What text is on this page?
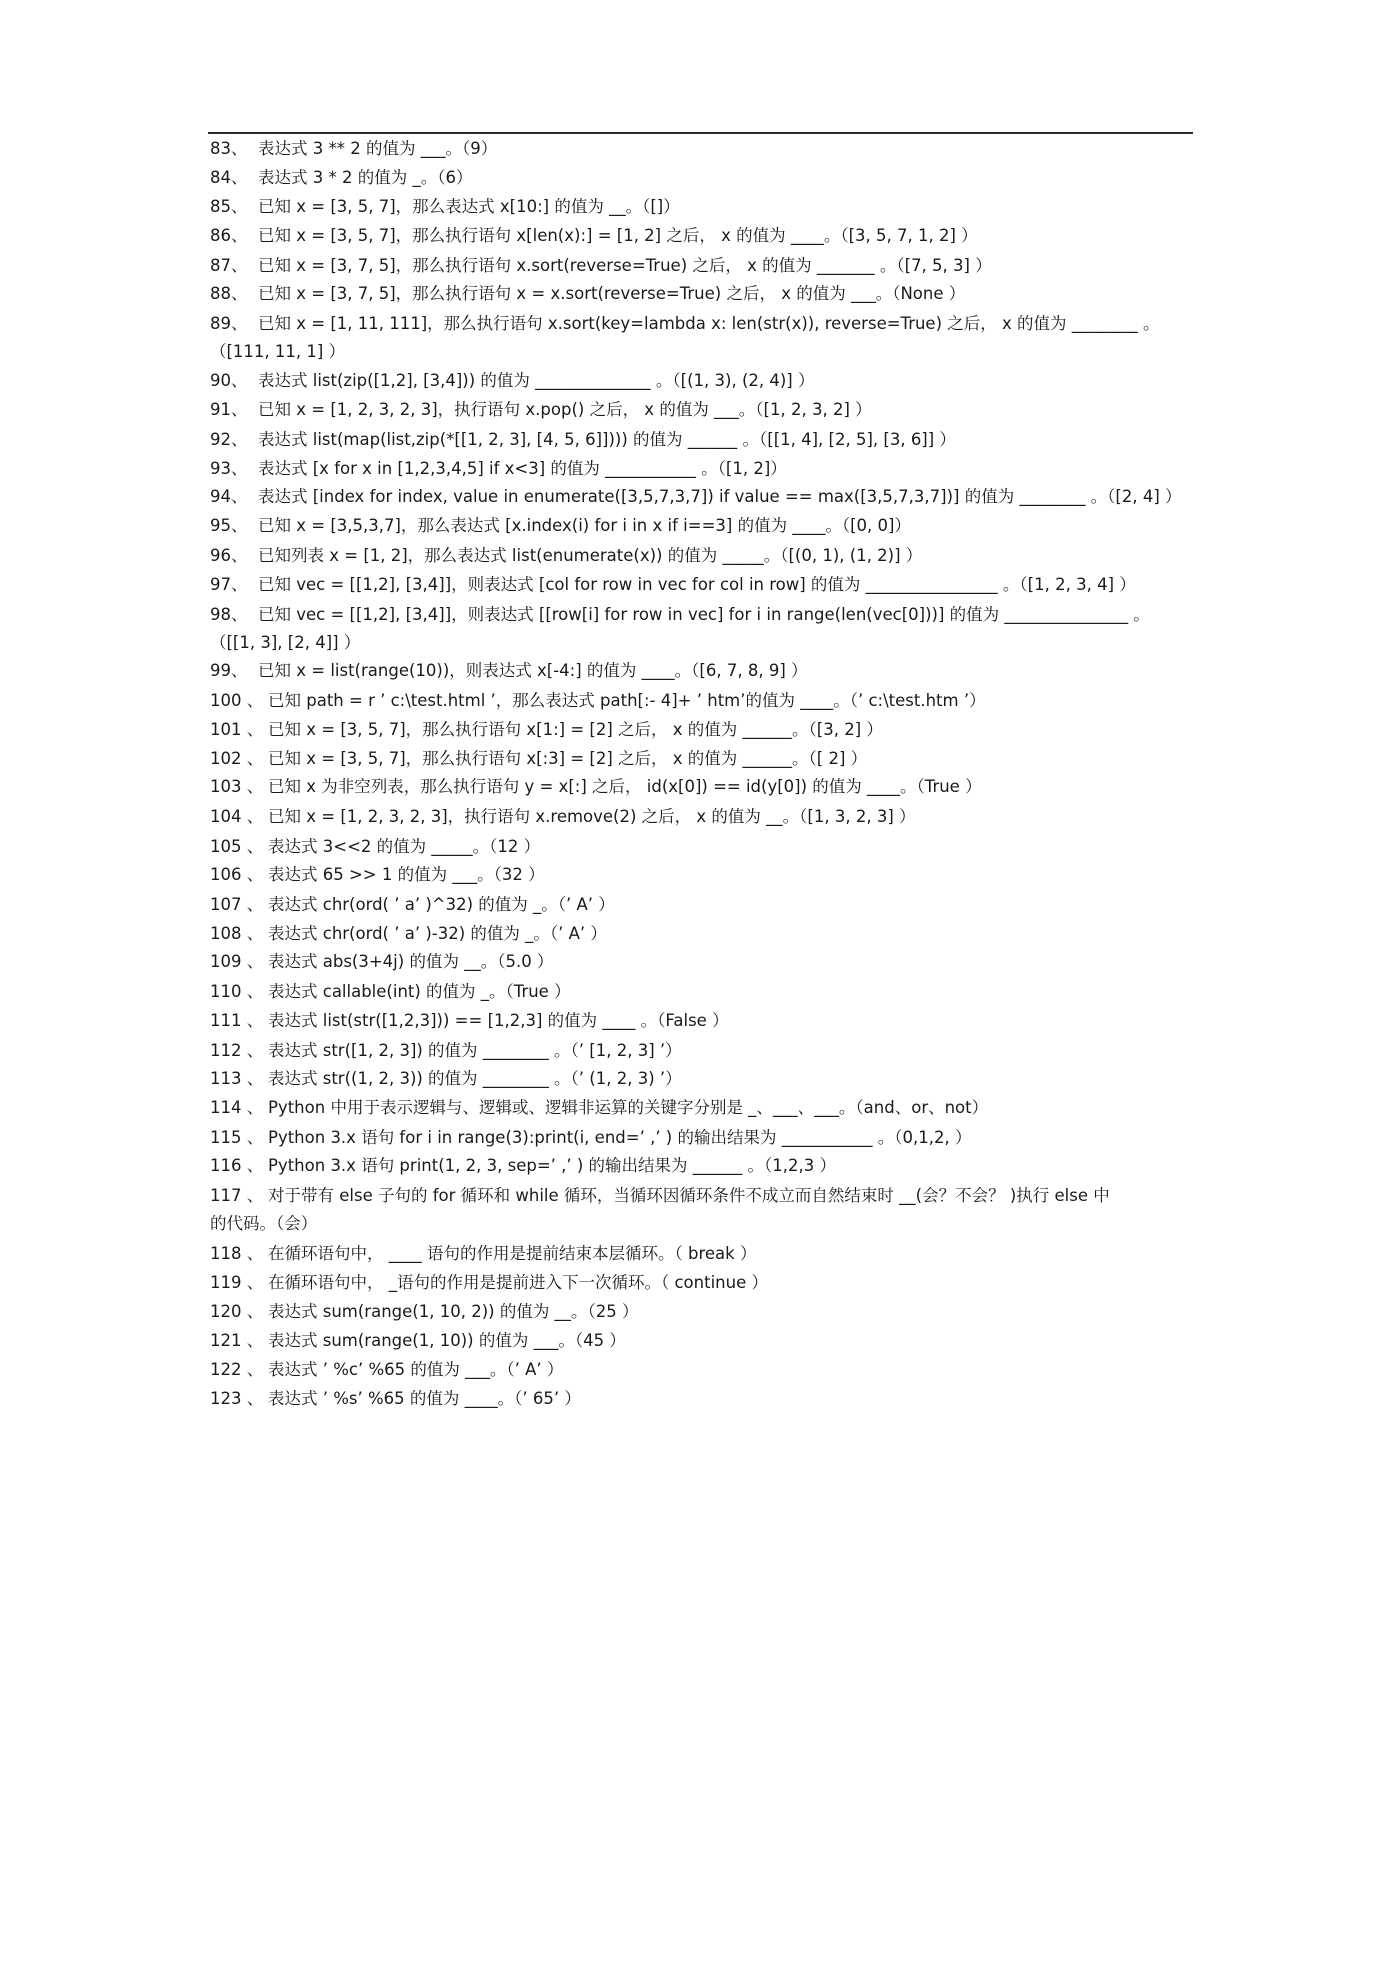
83、 表达式 3 ** 2 的值为 ___。（9）
84、 表达式 3 * 2 的值为 _。（6）
85、 已知 x = [3, 5, 7]，那么表达式 x[10:] 的值为 __。（[]）
86、 已知 x = [3, 5, 7]，那么执行语句 x[len(x):] = [1, 2] 之后， x 的值为 ____。（[3, 5, 7, 1, 2] ）
87、 已知 x = [3, 7, 5]，那么执行语句 x.sort(reverse=True) 之后， x 的值为 _______ 。（[7, 5, 3] ）
88、 已知 x = [3, 7, 5]，那么执行语句 x = x.sort(reverse=True) 之后， x 的值为 ___。（None ）
89、 已知 x = [1, 11, 111]，那么执行语句 x.sort(key=lambda x: len(str(x)), reverse=True) 之后， x 的值为 ________ 。
（[111, 11, 1] ）
90、 表达式 list(zip([1,2], [3,4])) 的值为 ______________ 。（[(1, 3), (2, 4)] ）
91、 已知 x = [1, 2, 3, 2, 3]，执行语句 x.pop() 之后， x 的值为 ___。（[1, 2, 3, 2] ）
92、 表达式 list(map(list,zip(*[[1, 2, 3], [4, 5, 6]]))) 的值为 ______ 。（[[1, 4], [2, 5], [3, 6]] ）
93、 表达式 [x for x in [1,2,3,4,5] if x<3] 的值为 ___________ 。（[1, 2]）
94、 表达式 [index for index, value in enumerate([3,5,7,3,7]) if value == max([3,5,7,3,7])] 的值为 ________ 。（[2, 4] ）
95、 已知 x = [3,5,3,7]，那么表达式 [x.index(i) for i in x if i==3] 的值为 ____。（[0, 0]）
96、 已知列表 x = [1, 2]，那么表达式 list(enumerate(x)) 的值为 _____。（[(0, 1), (1, 2)] ）
97、 已知 vec = [[1,2], [3,4]]，则表达式 [col for row in vec for col in row] 的值为 ________________ 。（[1, 2, 3, 4] ）
98、 已知 vec = [[1,2], [3,4]]，则表达式 [[row[i] for row in vec] for i in range(len(vec[0]))] 的值为 _______________ 。
（[[1, 3], [2, 4]] ）
99、 已知 x = list(range(10))，则表达式 x[-4:] 的值为 ____。（[6, 7, 8, 9] ）
100 、 已知 path = r ’ c:\test.html ’，那么表达式 path[:- 4]+ ’ htm’的值为 ____。（’ c:\test.htm ’）
101 、 已知 x = [3, 5, 7]，那么执行语句 x[1:] = [2] 之后， x 的值为 ______。（[3, 2] ）
102 、 已知 x = [3, 5, 7]，那么执行语句 x[:3] = [2] 之后， x 的值为 ______。（[ 2] ）
103 、 已知 x 为非空列表，那么执行语句 y = x[:] 之后， id(x[0]) == id(y[0]) 的值为 ____。（True ）
104 、 已知 x = [1, 2, 3, 2, 3]，执行语句 x.remove(2) 之后， x 的值为 __。（[1, 3, 2, 3] ）
105 、 表达式 3<<2 的值为 _____。（12 ）
106 、 表达式 65 >> 1 的值为 ___。（32 ）
107 、 表达式 chr(ord( ’ a’ )^32) 的值为 _。（’ A’ ）
108 、 表达式 chr(ord( ’ a’ )-32) 的值为 _。（’ A’ ）
109 、 表达式 abs(3+4j) 的值为 __。（5.0 ）
110 、 表达式 callable(int) 的值为 _。（True ）
111 、 表达式 list(str([1,2,3])) == [1,2,3] 的值为 ____ 。（False ）
112 、 表达式 str([1, 2, 3]) 的值为 ________ 。（’ [1, 2, 3] ’）
113 、 表达式 str((1, 2, 3)) 的值为 ________ 。（’ (1, 2, 3) ’）
114 、 Python 中用于表示逻辑与、逻辑或、逻辑非运算的关键字分别是 _、___、___。（and、or、not）
115 、 Python 3.x 语句 for i in range(3):print(i, end=’ ,’ ) 的输出结果为 ___________ 。（0,1,2, ）
116 、 Python 3.x 语句 print(1, 2, 3, sep=’ ,’ ) 的输出结果为 ______ 。（1,2,3 ）
117 、 对于带有 else 子句的 for 循环和 while 循环，当循环因循环条件不成立而自然结束时 __(会？不会？ )执行 else 中
的代码。（会）
118 、 在循环语句中， ____ 语句的作用是提前结束本层循环。（ break ）
119 、 在循环语句中， _语句的作用是提前进入下一次循环。（ continue ）
120 、 表达式 sum(range(1, 10, 2)) 的值为 __。（25 ）
121 、 表达式 sum(range(1, 10)) 的值为 ___。（45 ）
122 、 表达式 ’ %c’ %65 的值为 ___。（’ A’ ）
123 、 表达式 ’ %s’ %65 的值为 ____。（’ 65’ ）
